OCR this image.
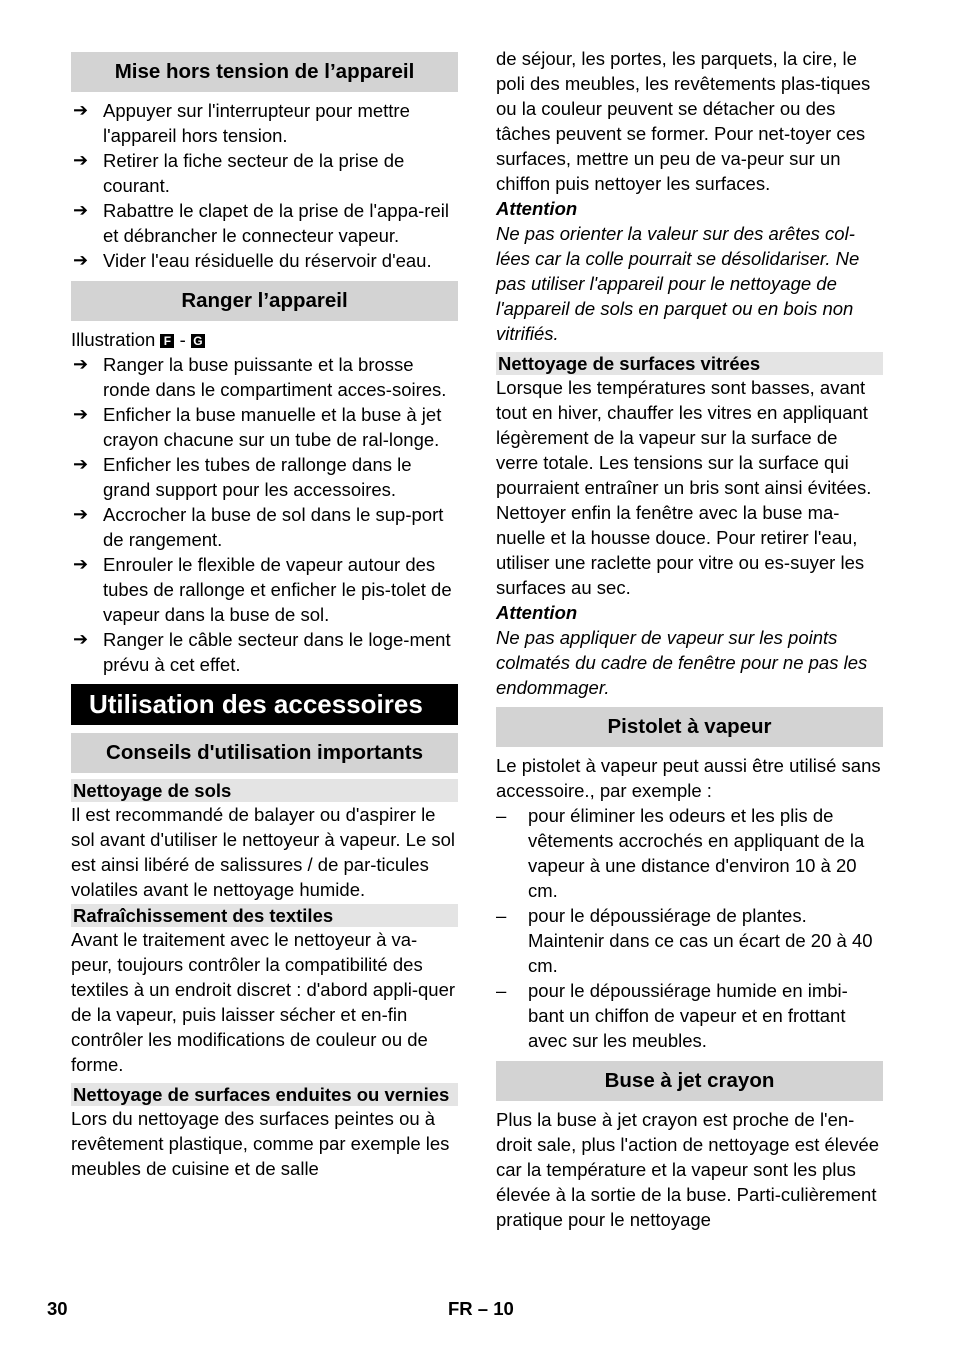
Mise hors tension de l’appareil
➔ Appuyer sur l'interrupteur pour mettre l'appareil hors tension.
➔ Retirer la fiche secteur de la prise de courant.
➔ Rabattre le clapet de la prise de l'appa-reil et débrancher le connecteur vapeur.
➔ Vider l'eau résiduelle du réservoir d'eau.
Ranger l’appareil
Illustration F - G
➔ Ranger la buse puissante et la brosse ronde dans le compartiment acces-soires.
➔ Enficher la buse manuelle et la buse à jet crayon chacune sur un tube de ral-longe.
➔ Enficher les tubes de rallonge dans le grand support pour les accessoires.
➔ Accrocher la buse de sol dans le sup-port de rangement.
➔ Enrouler le flexible de vapeur autour des tubes de rallonge et enficher le pis-tolet de vapeur dans la buse de sol.
➔ Ranger le câble secteur dans le loge-ment prévu à cet effet.
Utilisation des accessoires
Conseils d'utilisation importants
Nettoyage de sols

Il est recommandé de balayer ou d'aspirer le sol avant d'utiliser le nettoyeur à vapeur. Le sol est ainsi libéré de salissures / de par-ticules volatiles avant le nettoyage humide.

Rafraîchissement des textiles

Avant le traitement avec le nettoyeur à va-peur, toujours contrôler la compatibilité des textiles à un endroit discret : d'abord appli-quer de la vapeur, puis laisser sécher et en-fin contrôler les modifications de couleur ou de forme.

Nettoyage de surfaces enduites ou vernies

Lors du nettoyage des surfaces peintes ou à revêtement plastique, comme par exemple les meubles de cuisine et de salle

de séjour, les portes, les parquets, la cire, le poli des meubles, les revêtements plas-tiques ou la couleur peuvent se détacher ou des tâches peuvent se former. Pour net-toyer ces surfaces, mettre un peu de va-peur sur un chiffon puis nettoyer les surfaces.

Attention

Ne pas orienter la valeur sur des arêtes col-lées car la colle pourrait se désolidariser. Ne pas utiliser l'appareil pour le nettoyage de l'appareil de sols en parquet ou en bois non vitrifiés.

Nettoyage de surfaces vitrées

Lorsque les températures sont basses, avant tout en hiver, chauffer les vitres en appliquant légèrement de la vapeur sur la surface de verre totale. Les tensions sur la surface qui pourraient entraîner un bris sont ainsi évitées.

Nettoyer enfin la fenêtre avec la buse ma-nuelle et la housse douce. Pour retirer l'eau, utiliser une raclette pour vitre ou es-suyer les surfaces au sec.

Attention

Ne pas appliquer de vapeur sur les points colmatés du cadre de fenêtre pour ne pas les endommager.

Pistolet à vapeur

Le pistolet à vapeur peut aussi être utilisé sans accessoire., par exemple :

– pour éliminer les odeurs et les plis de vêtements accrochés en appliquant de la vapeur à une distance d'environ 10 à 20 cm.
– pour le dépoussiérage de plantes. Maintenir dans ce cas un écart de 20 à 40 cm.
– pour le dépoussiérage humide en imbi-bant un chiffon de vapeur et en frottant avec sur les meubles.
Buse à jet crayon

Plus la buse à jet crayon est proche de l'en-droit sale, plus l'action de nettoyage est élevée car la température et la vapeur sont les plus élevée à la sortie de la buse. Parti-culièrement pratique pour le nettoyage

30	FR – 10
